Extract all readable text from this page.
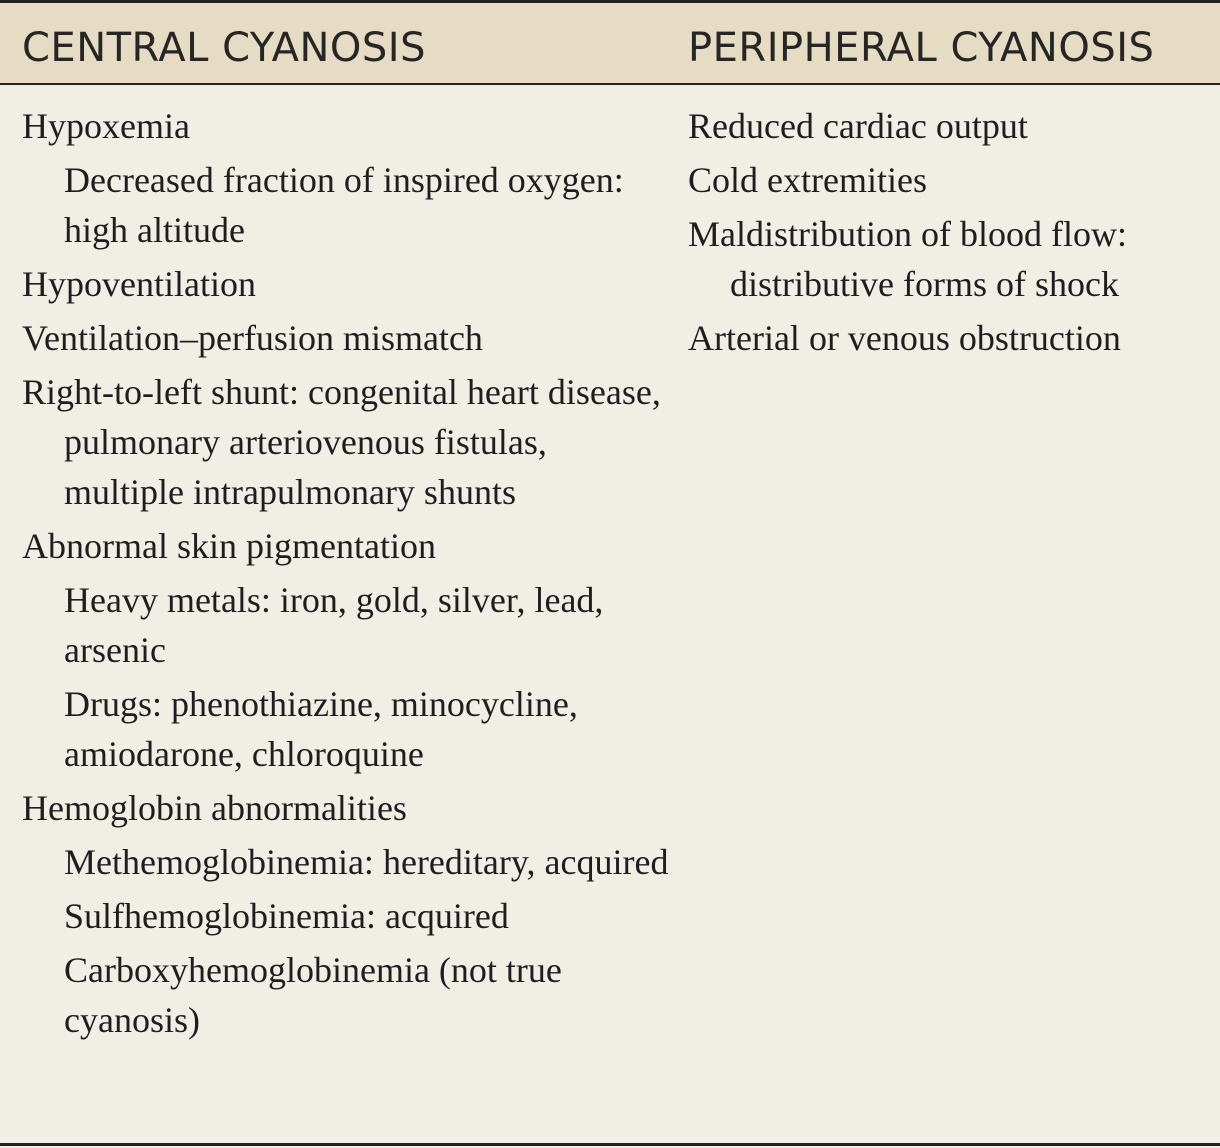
CENTRAL CYANOSIS	PERIPHERAL CYANOSIS
Hypoxemia
Decreased fraction of inspired oxygen: high altitude
Hypoventilation
Ventilation–perfusion mismatch
Right-to-left shunt: congenital heart disease, pulmonary arteriovenous fistulas, multiple intrapulmonary shunts
Abnormal skin pigmentation
Heavy metals: iron, gold, silver, lead, arsenic
Drugs: phenothiazine, minocycline, amiodarone, chloroquine
Hemoglobin abnormalities
Methemoglobinemia: hereditary, acquired
Sulfhemoglobinemia: acquired
Carboxyhemoglobinemia (not true cyanosis)
Reduced cardiac output
Cold extremities
Maldistribution of blood flow: distributive forms of shock
Arterial or venous obstruction
